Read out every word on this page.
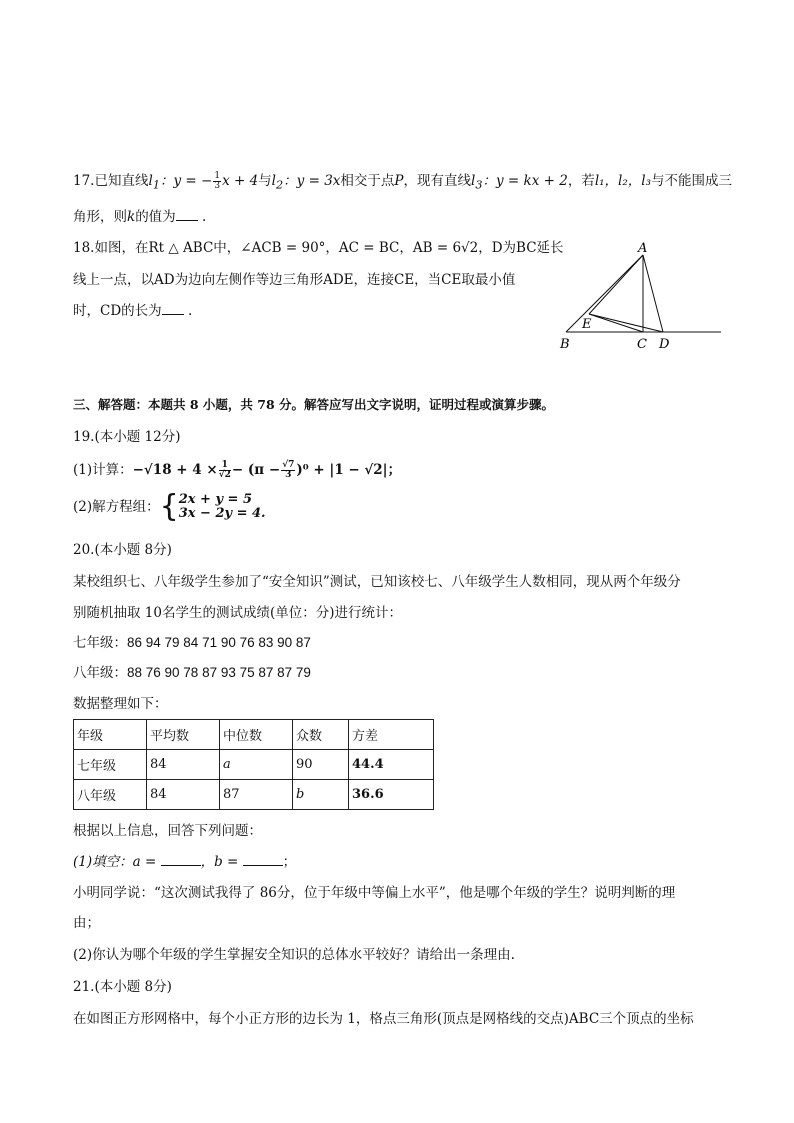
17.已知直线$l_1$：y = − $\frac{1}{3}$ x + 4与$l_2$：y = 3x相交于点P，现有直线$l_3$：y = kx + 2，若l₁，l₂，l₃与不能围成三
角形，则k的值为 .
18.如图，在Rt △ ABC中，∠ACB = 90°，AC = BC，AB = 6√2，D为BC延长
线上一点，以AD为边向左侧作等边三角形ADE，连接CE，当CE取最小值
时，CD的长为 .
A
B	C D
E
三、解答题：本题共 8 小题，共 78 分。解答应写出文字说明，证明过程或演算步骤。
19.(本小题 12分)
(1)计算：$-√18 + 4 \times \frac{1}{√2} - (\pi - \frac{√7}{3} )^0 + |1 - √2|$；
(2)解方程组：{ 2x + y = 5
3x − 2y = 4.
20.(本小题 8分)
某校组织七、八年级学生参加了“安全知识”测试，已知该校七、八年级学生人数相同，现从两个年级分
别随机抽取 10名学生的测试成绩(单位：分)进行统计：
七年级：86 94 79 84 71 90 76 83 90 87
八年级：88 76 90 78 87 93 75 87 87 79
数据整理如下：
年级	平均数	中位数	众数	方差
七年级	84	a	90	44.4
八年级	84	87	b	36.6
根据以上信息，回答下列问题：
(1)填空：a =	，b =	；
小明同学说：“这次测试我得了 86分，位于年级中等偏上水平”，他是哪个年级的学生？说明判断的理
由；
(2)你认为哪个年级的学生掌握安全知识的总体水平较好？请给出一条理由.
21.(本小题 8分)
在如图正方形网格中，每个小正方形的边长为 1，格点三角形(顶点是网格线的交点)ABC三个顶点的坐标
